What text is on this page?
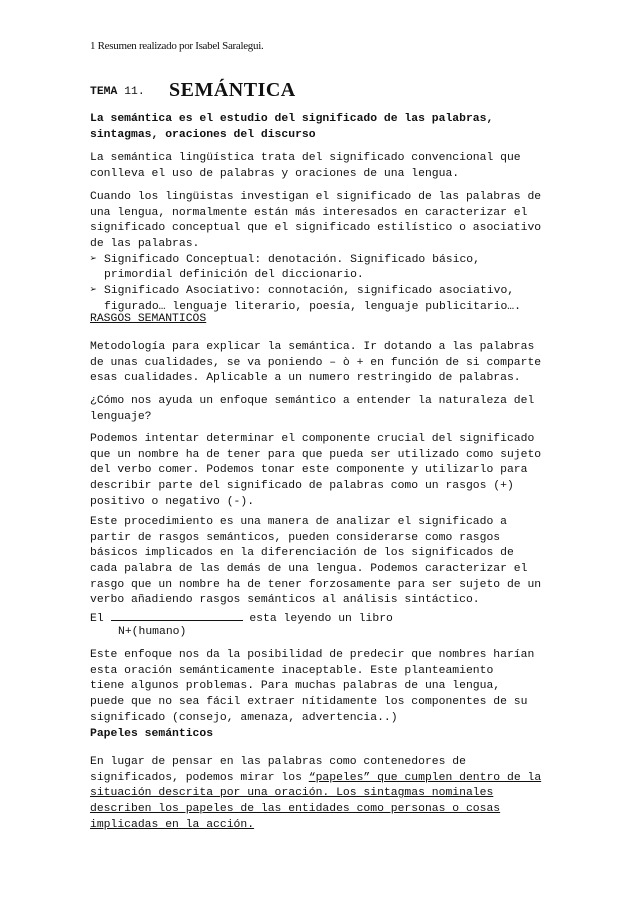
1 Resumen realizado por Isabel Saralegui.
TEMA 11. SEMÁNTICA
La semántica es el estudio del significado de las palabras,
sintagmas, oraciones del discurso
La semántica lingüística trata del significado convencional que
conlleva el uso de palabras y oraciones de una lengua.
Cuando los lingüistas investigan el significado de las palabras de
una lengua, normalmente están más interesados en caracterizar el
significado conceptual que el significado estilístico o asociativo
de las palabras.
➢ Significado Conceptual: denotación. Significado básico,
primordial definición del diccionario.
➢ Significado Asociativo: connotación, significado asociativo,
figurado… lenguaje literario, poesía, lenguaje publicitario….
RASGOS SEMANTICOS
Metodología para explicar la semántica. Ir dotando a las palabras
de unas cualidades, se va poniendo – ò + en función de si comparte
esas cualidades. Aplicable a un numero restringido de palabras.
¿Cómo nos ayuda un enfoque semántico a entender la naturaleza del
lenguaje?
Podemos intentar determinar el componente crucial del significado
que un nombre ha de tener para que pueda ser utilizado como sujeto
del verbo comer. Podemos tonar este componente y utilizarlo para
describir parte del significado de palabras como un rasgos (+)
positivo o negativo (-).
Este procedimiento es una manera de analizar el significado a
partir de rasgos semánticos, pueden considerarse como rasgos
básicos implicados en la diferenciación de los significados de
cada palabra de las demás de una lengua. Podemos caracterizar el
rasgo que un nombre ha de tener forzosamente para ser sujeto de un
verbo añadiendo rasgos semánticos al análisis sintáctico.
El	esta leyendo un libro
N+(humano)
Este enfoque nos da la posibilidad de predecir que nombres harían
esta oración semánticamente inaceptable. Este planteamiento
tiene algunos problemas. Para muchas palabras de una lengua,
puede que no sea fácil extraer nítidamente los componentes de su
significado (consejo, amenaza, advertencia..)
Papeles semánticos
En lugar de pensar en las palabras como contenedores de
significados, podemos mirar los “papeles” que cumplen dentro de la
situación descrita por una oración. Los sintagmas nominales
describen los papeles de las entidades como personas o cosas
implicadas en la acción.
